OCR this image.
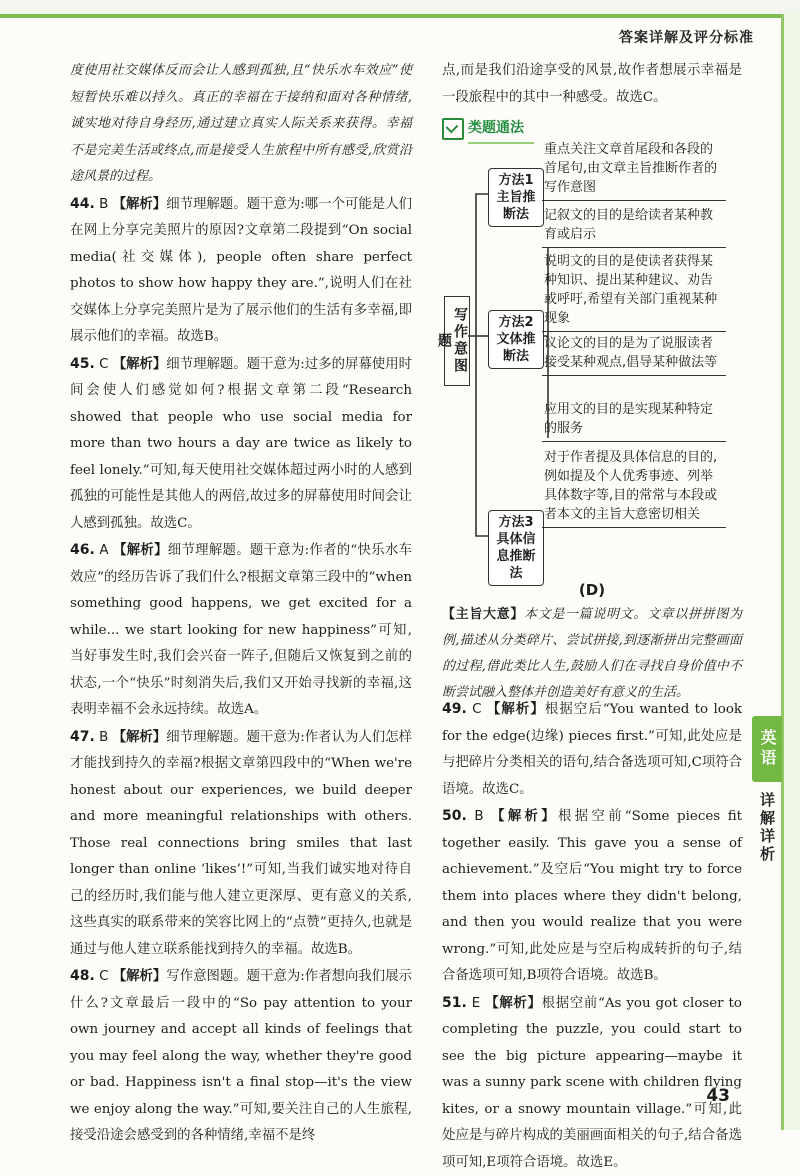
答案详解及评分标准
英语
详解详析

度使用社交媒体反而会让人感到孤独,且“快乐水车效应”使短暂快乐难以持久。真正的幸福在于接纳和面对各种情绪,诚实地对待自身经历,通过建立真实人际关系来获得。幸福不是完美生活或终点,而是接受人生旅程中所有感受,欣赏沿途风景的过程。

44. B 【解析】细节理解题。题干意为:哪一个可能是人们在网上分享完美照片的原因?文章第二段提到“On social media(社交媒体), people often share perfect photos to show how happy they are.”,说明人们在社交媒体上分享完美照片是为了展示他们的生活有多幸福,即展示他们的幸福。故选B。

45. C 【解析】细节理解题。题干意为:过多的屏幕使用时间会使人们感觉如何?根据文章第二段“Research showed that people who use social media for more than two hours a day are twice as likely to feel lonely.”可知,每天使用社交媒体超过两小时的人感到孤独的可能性是其他人的两倍,故过多的屏幕使用时间会让人感到孤独。故选C。

46. A 【解析】细节理解题。题干意为:作者的“快乐水车效应”的经历告诉了我们什么?根据文章第三段中的“when something good happens, we get excited for a while... we start looking for new happiness”可知,当好事发生时,我们会兴奋一阵子,但随后又恢复到之前的状态,一个“快乐”时刻消失后,我们又开始寻找新的幸福,这表明幸福不会永远持续。故选A。

47. B 【解析】细节理解题。题干意为:作者认为人们怎样才能找到持久的幸福?根据文章第四段中的“When we're honest about our experiences, we build deeper and more meaningful relationships with others. Those real connections bring smiles that last longer than online ‘likes’!”可知,当我们诚实地对待自己的经历时,我们能与他人建立更深厚、更有意义的关系,这些真实的联系带来的笑容比网上的“点赞”更持久,也就是通过与他人建立联系能找到持久的幸福。故选B。

48. C 【解析】写作意图题。题干意为:作者想向我们展示什么?文章最后一段中的“So pay attention to your own journey and accept all kinds of feelings that you may feel along the way, whether they're good or bad. Happiness isn't a final stop—it's the view we enjoy along the way.”可知,要关注自己的人生旅程,接受沿途会感受到的各种情绪,幸福不是终

点,而是我们沿途享受的风景,故作者想展示幸福是一段旅程中的其中一种感受。故选C。

类题通法
写作意图题
方法1 主旨推断法
重点关注文章首尾段和各段的首尾句,由文章主旨推断作者的写作意图
方法2 文体推断法
记叙文的目的是给读者某种教育或启示
说明文的目的是使读者获得某种知识、提出某种建议、劝告或呼吁,希望有关部门重视某种现象
议论文的目的是为了说服读者接受某种观点,倡导某种做法等
应用文的目的是实现某种特定的服务
方法3 具体信息推断法
对于作者提及具体信息的目的,例如提及个人优秀事迹、列举具体数字等,目的常常与本段或者本文的主旨大意密切相关
(D)
【主旨大意】本文是一篇说明文。文章以拼拼图为例,描述从分类碎片、尝试拼接,到逐渐拼出完整画面的过程,借此类比人生,鼓励人们在寻找自身价值中不断尝试融入整体并创造美好有意义的生活。

49. C 【解析】根据空后“You wanted to look for the edge(边缘) pieces first.”可知,此处应是与把碎片分类相关的语句,结合备选项可知,C项符合语境。故选C。

50. B 【解析】根据空前“Some pieces fit together easily. This gave you a sense of achievement.”及空后“You might try to force them into places where they didn't belong, and then you would realize that you were wrong.”可知,此处应是与空后构成转折的句子,结合备选项可知,B项符合语境。故选B。

51. E 【解析】根据空前“As you got closer to completing the puzzle, you could start to see the big picture appearing—maybe it was a sunny park scene with children flying kites, or a snowy mountain village.”可知,此处应是与碎片构成的美丽画面相关的句子,结合备选项可知,E项符合语境。故选E。

43
